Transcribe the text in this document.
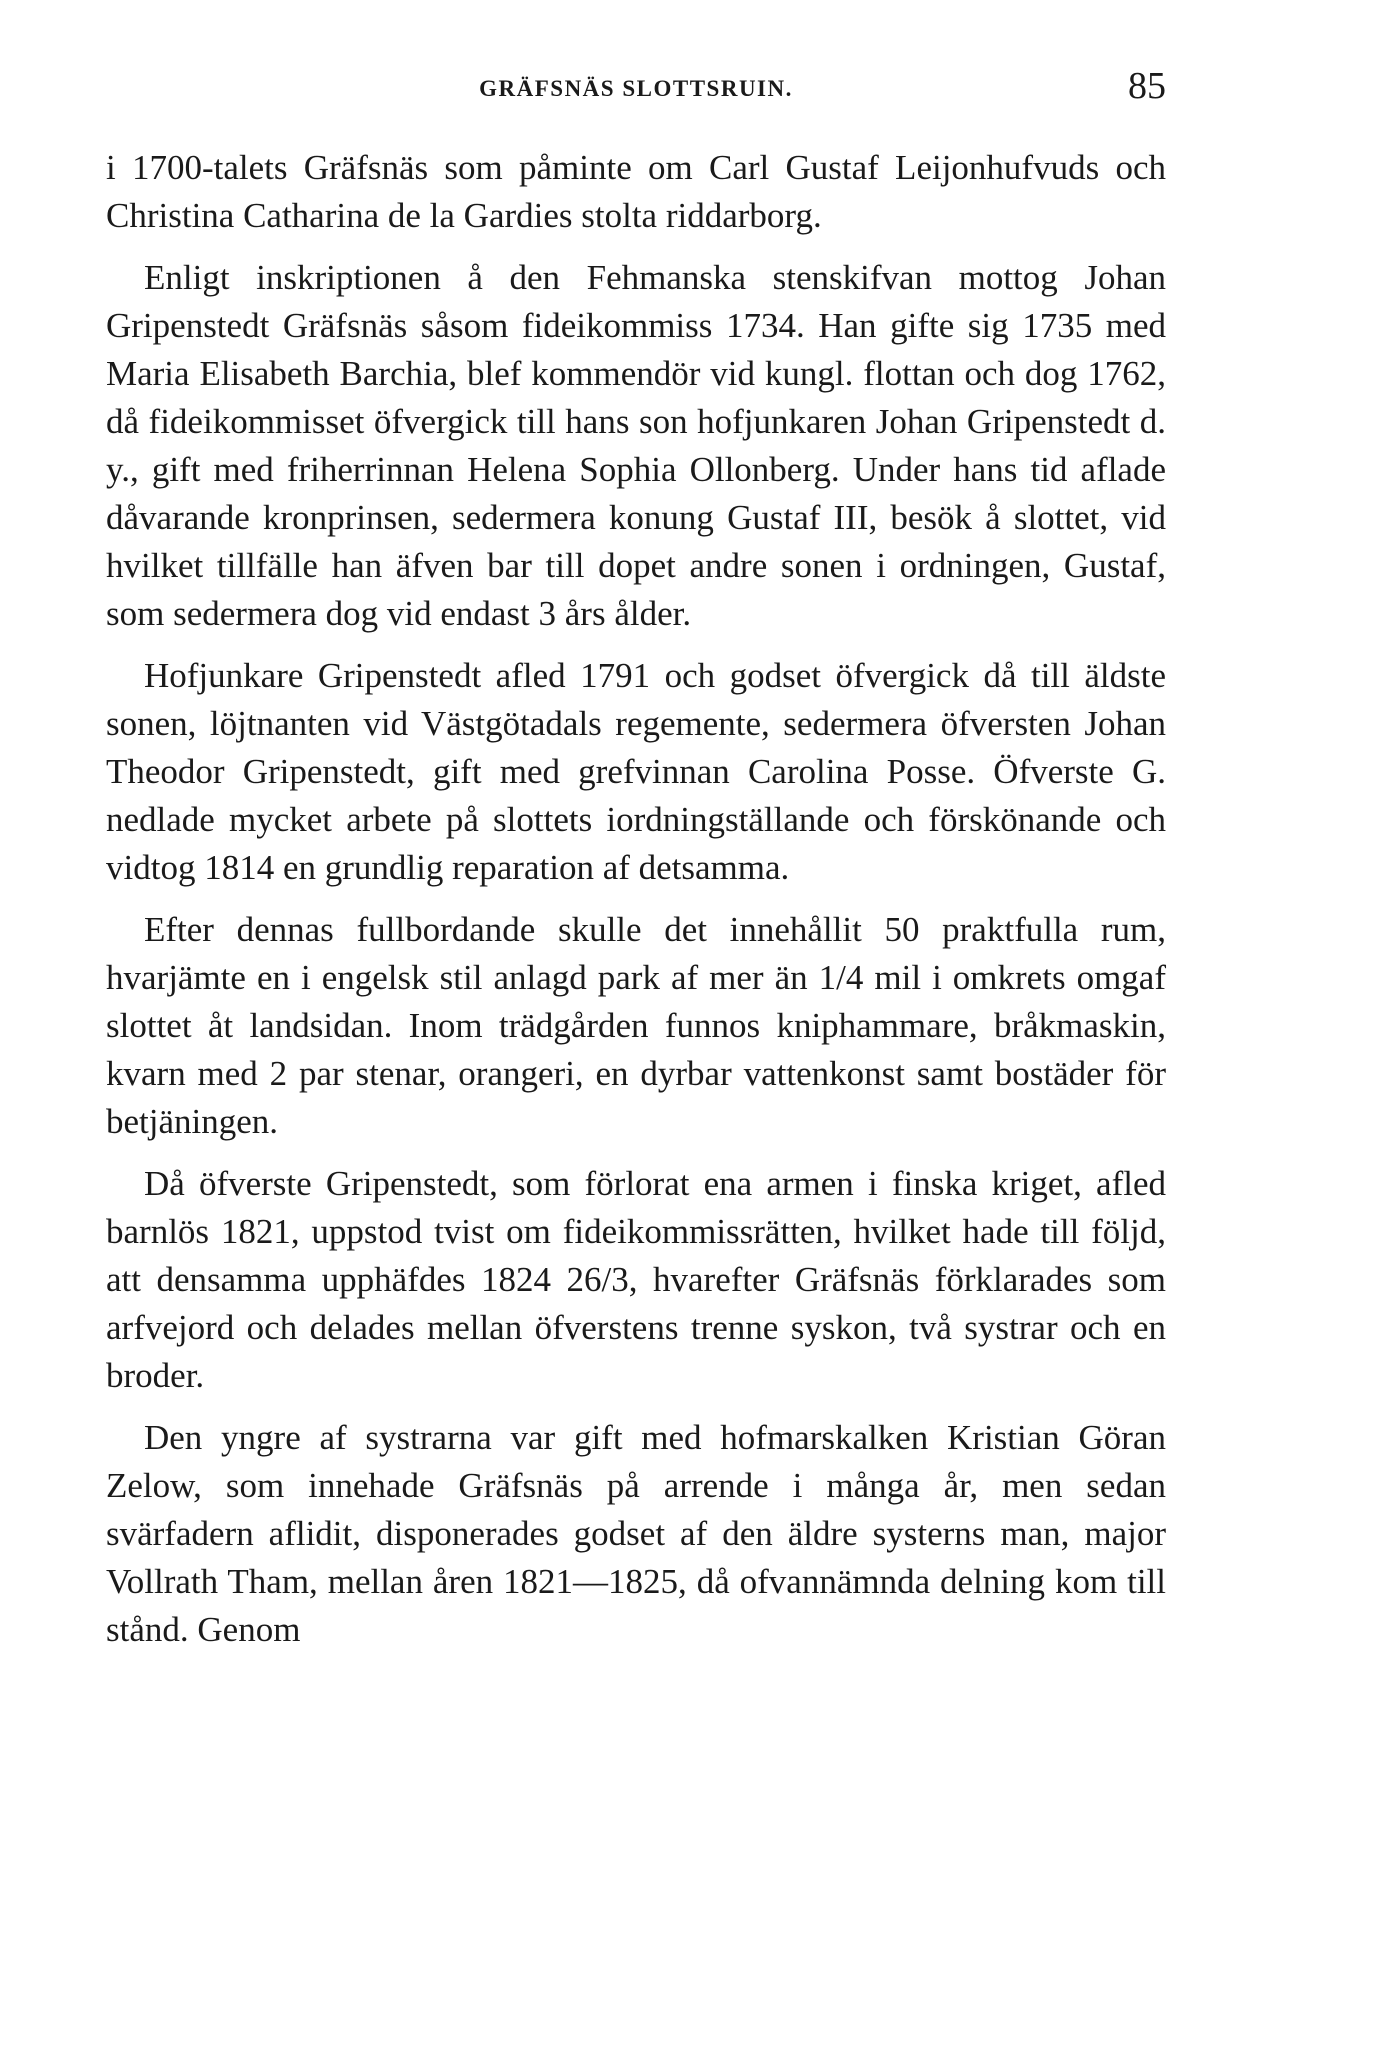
GRÄFSNÄS SLOTTSRUIN.	85

i 1700-talets Gräfsnäs som påminte om Carl Gustaf Leijonhufvuds och Christina Catharina de la Gardies stolta riddarborg.

Enligt inskriptionen å den Fehmanska stenskifvan mottog Johan Gripenstedt Gräfsnäs såsom fideikommiss 1734. Han gifte sig 1735 med Maria Elisabeth Barchia, blef kommendör vid kungl. flottan och dog 1762, då fideikommisset öfvergick till hans son hofjunkaren Johan Gripenstedt d. y., gift med friherrinnan Helena Sophia Ollonberg. Under hans tid aflade dåvarande kronprinsen, sedermera konung Gustaf III, besök å slottet, vid hvilket tillfälle han äfven bar till dopet andre sonen i ordningen, Gustaf, som sedermera dog vid endast 3 års ålder.

Hofjunkare Gripenstedt afled 1791 och godset öfvergick då till äldste sonen, löjtnanten vid Västgötadals regemente, sedermera öfversten Johan Theodor Gripenstedt, gift med grefvinnan Carolina Posse. Öfverste G. nedlade mycket arbete på slottets iordningställande och förskönande och vidtog 1814 en grundlig reparation af detsamma.

Efter dennas fullbordande skulle det innehållit 50 praktfulla rum, hvarjämte en i engelsk stil anlagd park af mer än 1/4 mil i omkrets omgaf slottet åt landsidan. Inom trädgården funnos kniphammare, bråkmaskin, kvarn med 2 par stenar, orangeri, en dyrbar vattenkonst samt bostäder för betjäningen.

Då öfverste Gripenstedt, som förlorat ena armen i finska kriget, afled barnlös 1821, uppstod tvist om fideikommissrätten, hvilket hade till följd, att densamma upphäfdes 1824 26/3, hvarefter Gräfsnäs förklarades som arfvejord och delades mellan öfverstens trenne syskon, två systrar och en broder.

Den yngre af systrarna var gift med hofmarskalken Kristian Göran Zelow, som innehade Gräfsnäs på arrende i många år, men sedan svärfadern aflidit, disponerades godset af den äldre systerns man, major Vollrath Tham, mellan åren 1821—1825, då ofvannämnda delning kom till stånd. Genom
